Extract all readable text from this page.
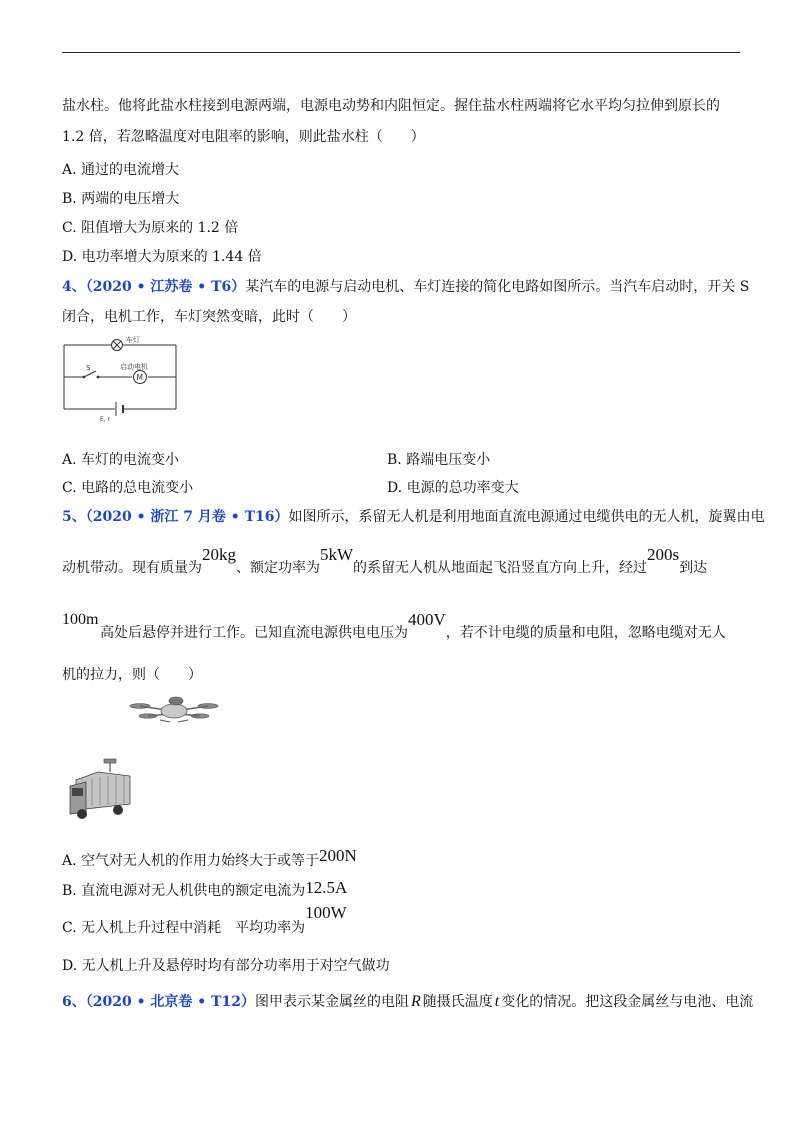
盐水柱。他将此盐水柱接到电源两端，电源电动势和内阻恒定。握住盐水柱两端将它水平均匀拉伸到原长的
1.2 倍，若忽略温度对电阻率的影响，则此盐水柱（　　）
A. 通过的电流增大
B. 两端的电压增大
C. 阻值增大为原来的 1.2 倍
D. 电功率增大为原来的 1.44 倍
4、（2020 • 江苏卷 • T6）某汽车的电源与启动电机、车灯连接的简化电路如图所示。当汽车启动时，开关 S
闭合，电机工作，车灯突然变暗，此时（　　）
车灯
S	启动电机
M
E, r
A. 车灯的电流变小	B. 路端电压变小
C. 电路的总电流变小	D. 电源的总功率变大
5、（2020 • 浙江 7 月卷 • T16）如图所示，系留无人机是利用地面直流电源通过电缆供电的无人机，旋翼由电
动机带动。现有质量为20kg、额定功率为5kW的系留无人机从地面起飞沿竖直方向上升，经过200s到达
100m
高处后悬停并进行工作。已知直流电源供电电压为400V，若不计电缆的质量和电阻，忽略电缆对无人
机的拉力，则（　　）
A. 空气对无人机的作用力始终大于或等于200N
B. 直流电源对无人机供电的额定电流为12.5A
C. 无人机上升过程中消耗　平均功率为100W
D. 无人机上升及悬停时均有部分功率用于对空气做功
6、（2020 • 北京卷 • T12）图甲表示某金属丝的电阻 R 随摄氏温度 t 变化的情况。把这段金属丝与电池、电流
